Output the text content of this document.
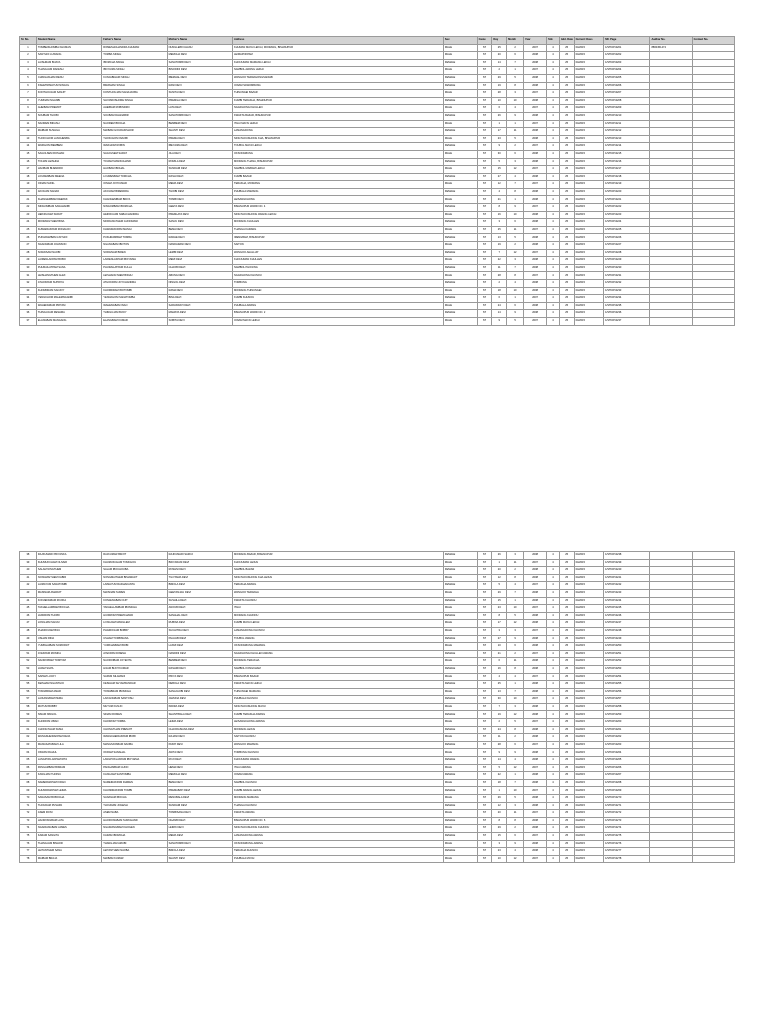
Sl. No.	Student Name	Father's Name	Mother's Name	Address	Sex	Caste	Day	Month	Year	Std.	Add. Date	Current Class	SR. Page	Aadhar No.	Contact No.
1	TOMBEIKHOMBA KHUMAN	ROMESHCHANDRA KHUMAN	NUNGLEIBI CHANU	KHUMAN MAYAI LEIKAI, MOIRANG, BISHNUPUR	MALE	ST	25	2	2007	4	25	04/2015	1/STD/P/4201	8860451474	
2	SANTHOI LUWANG	TOMBA SINGH	MEMCHA DEVI	LEIMAPOKPAM	MALE	ST	20	6	2008	4	25	04/2015	1/STD/P/4202		
3	LAISHRAM BIJAYA	IBOMCHA SINGH	SANATOMBI DEVI	KHOIJUMAN MAMANG LEIKAI	FEMALE	ST	14	7	2008	4	25	04/2015	1/STD/P/4203		
4	THANGJAM RAKESH	IBOYAIMA SINGH	BINODINI DEVI	NAMBOL AWANG LEIKAI	MALE	ST	2	1	2007	4	25	04/2015	1/STD/P/4204		
5	CHINGAKHAM RENU	KUNJABIHARI SINGH	IBEMHAL DEVI	WANGOO TERAKHONGSANGBI	FEMALE	ST	29	5	2008	4	25	04/2015	1/STD/P/4205		
6	KSHETRIMAYUM NINGOL	BIRAMANI SINGH	RANI DEVI	OINAM SAWOMBUNG	FEMALE	ST	19	8	2008	4	25	04/2015	1/STD/P/4206		
7	KONTHOUJAM SANJIT	KONTHOUJAM SANAJAOBA	SUNITA DEVI	THINUNGEI BAZAR	MALE	ST	28	3	2007	4	25	04/2015	1/STD/P/4207		
8	YUMNAM NGANBI	SHYAMKISHORE SINGH	PREMILA DEVI	KUMBI TERAKHA, BISHNUPUR	FEMALE	ST	10	10	2008	4	25	04/2015	1/STD/P/4208		
9	AHEIBAM PREMJIT	AHEIBAM ROBINDRO	LATA DEVI	NGAIKHONG KHULLEN	MALE	ST	6	4	2007	4	25	04/2015	1/STD/P/4209		
10	SOUBAM THOIBI	SOUBAM DHANABIR	SANATOMBI DEVI	KWAKTA BAZAR, BISHNUPUR	FEMALE	ST	26	9	2008	4	25	04/2015	1/STD/P/4210		
11	NAOREM BIKASH	NAOREM IBOCHA	BEMBEM DEVI	ITHAI MAYAI LEIKAI	MALE	ST	1	1	2007	4	25	04/2015	1/STD/P/4211		
12	MAIBAM SUSHILA	MAIBAM GOURAKISHOR	SHANTI DEVI	LAMANGDONG	FEMALE	ST	17	11	2008	4	25	04/2015	1/STD/P/4212		
13	THOKCHOM LANCHENBA	THOKCHOM INAOBI	PREMA DEVI	NINGTHOUKHONG KHA, BISHNUPUR	MALE	ST	23	5	2008	4	25	04/2015	1/STD/P/4213		
14	WAIKHOM BEMBEM	WAIKHOM ROBIN	IBEYAIMA DEVI	TOUBUL MAYAI LEIKAI	FEMALE	ST	9	2	2007	4	25	04/2015	1/STD/P/4214		
15	SAGOLSEM ROSHAN	SAGOLSEM SARAT	JILA DEVI	OKSONGBUNG	MALE	ST	30	6	2008	4	25	04/2015	1/STD/P/4215		
16	TOIJAM LEISHNA	TOIJAM MANIKCHAND	ROMILA DEVI	MOIRANG THANA, BISHNUPUR	FEMALE	ST	5	3	2008	4	25	04/2015	1/STD/P/4216		
17	HAOBAM BIJENDRO	HAOBAM IBOHAL	SUNDARI DEVI	NAMBOL MAIBAM LEIKAI	MALE	ST	15	12	2007	4	25	04/2015	1/STD/P/4217		
18	LOURENBAM MEENA	LOURENBAM TOMCHA	RASHI DEVI	KUMBI BAZAR	FEMALE	ST	27	4	2008	4	25	04/2015	1/STD/P/4218		
19	OINAM SUNIL	OINAM JOYKUMAR	MEMA DEVI	TERAKHA, MOIRANG	MALE	ST	12	7	2007	4	25	04/2015	1/STD/P/4219		
20	AKOIJAM NANAO	AKOIJAM BIRENDRA	THOIBI DEVI	PHUBALA MAMANG	FEMALE	ST	4	8	2008	4	25	04/2015	1/STD/P/4220		
21	KHANGEMBAM DEEPAK	KHANGEMBAM BIDYA	TOMBI DEVI	LEISANGKHONG	MALE	ST	21	1	2008	4	25	04/2015	1/STD/P/4221		
22	NINGOMBAM SANAHANBI	NINGOMBAM IBOMCHA	GEETA DEVI	BISHNUPUR WARD NO. 4	FEMALE	ST	8	9	2007	4	25	04/2015	1/STD/P/4222		
23	HEIKRUJAM SURJIT	HEIKRUJAM NABACHANDRA	PREMLATA DEVI	NINGTHOUKHONG AWANG LEIKAI	MALE	ST	16	10	2008	4	25	04/2015	1/STD/P/4223		
24	MOIRANGTHEM BINA	MOIRANGTHEM GUNOMANI	SANJU DEVI	MOIRANG KHULLEN	FEMALE	ST	3	6	2008	4	25	04/2015	1/STD/P/4224		
25	KHWAIRAKPAM RONALDO	KHWAIRAKPAM MANGI	BEMA DEVI	THANGA KARANG	MALE	ST	25	11	2007	4	25	04/2015	1/STD/P/4225		
26	PUKHRAMBAM LINTHOI	PUKHRAMBAM TOMBA	RADHE DEVI	IRENGBAM, BISHNUPUR	FEMALE	ST	13	5	2008	4	25	04/2015	1/STD/P/4226		
27	NGANGBAM JOHNSON	NGANGBAM IBOTON	NANDARANI DEVI	SAITON	MALE	ST	19	2	2008	4	25	04/2015	1/STD/P/4227		
28	SORAISAM NAOBI	SORAISAM BIREN	LEMBI DEVI	WANGOO AHALLUP	FEMALE	ST	7	12	2007	4	25	04/2015	1/STD/P/4228		
29	LAIRENLAKPAM BOBO	LAIRENLAKPAM IBOYAIMA	MEMI DEVI	KHOIJUMAN KHULLEN	MALE	ST	22	3	2008	4	25	04/2015	1/STD/P/4229		
30	PHURAILATPAM SANA	PHURAILATPAM KULLA	CHAOBI DEVI	NAMBOL PHOIJING	FEMALE	ST	11	7	2008	4	25	04/2015	1/STD/P/4230		
31	LEISHANGTHEM ALEX	LEISHANGTHEM BIDHU	ABUNG DEVI	NGAIKHONG KHUNOU	MALE	ST	28	8	2007	4	25	04/2015	1/STD/P/4231		
32	ATHOKPAM SUPRIYA	ATHOKPAM JOYCHANDRA	NINGOL DEVI	TORBUNG	FEMALE	ST	2	4	2008	4	25	04/2015	1/STD/P/4232		
33	KHOMDRAM SANJOY	KHOMDRAM IBOTOMBI	RAMA DEVI	MOIRANG THINUNGEI	MALE	ST	18	10	2008	4	25	04/2015	1/STD/P/4233		
34	YENGKHOM MALEMNGANBI	YENGKHOM SANATOMBA	BINA DEVI	KUMBI KHUNOU	FEMALE	ST	6	1	2007	4	25	04/2015	1/STD/P/4234		
35	WAHENGBAM PRITAM	WAHENGBAM INAO	SARASWATI DEVI	PHUBALA AWANG	MALE	ST	24	6	2008	4	25	04/2015	1/STD/P/4235		
36	THINGUJAM RESHMA	THINGUJAM BIJOY	MAMATA DEVI	BISHNUPUR WARD NO. 2	FEMALE	ST	14	9	2008	4	25	04/2015	1/STD/P/4236		
37	ELANGBAM MANGANG	ELANGBAM KUMAR	SOBITA DEVI	OINAM MAYAI LEIKAI	MALE	ST	9	5	2007	4	25	04/2015	1/STD/P/4237		
38	RAJKUMARI PRIYANKA	RAJKUMAR BIRJIT	RAJKUMARI SAROJ	MOIRANG BAZAR, BISHNUPUR	FEMALE	ST	26	3	2008	4	25	04/2015	1/STD/P/4238		
39	KHUMUKCHAM OLIVER	KHUMUKCHAM TOMCHOU	BIDYARANI DEVI	KHOIJUMAN LEIKAI	MALE	ST	1	11	2007	4	25	04/2015	1/STD/P/4239		
40	SALAM NINGTHEM	SALAM IBOCHOUBA	ROSHNI DEVI	NAMBOL BAZAR	FEMALE	ST	20	2	2008	4	25	04/2015	1/STD/P/4240		
41	NONGMAITHEM KABIR	NONGMAITHEM BISHWAJIT	TILOTAMA DEVI	NINGTHOUKHONG KHA LEIKAI	MALE	ST	12	8	2008	4	25	04/2015	1/STD/P/4241		
42	LAIMAYUM SANATOMBI	LAIMAYUM RADHAKANTA	BIMOLA DEVI	TERAKHA AWANG	FEMALE	ST	5	4	2007	4	25	04/2015	1/STD/P/4242		
43	MAISNAM AMARJIT	MAISNAM SUREN	GEETANJALI DEVI	WANGOO TERAKHA	MALE	ST	29	7	2008	4	25	04/2015	1/STD/P/4243		
44	KONJENGBAM ROJIKA	KONJENGBAM OJIT	SUSHILA DEVI	KWAKTA KHUNOU	FEMALE	ST	15	1	2008	4	25	04/2015	1/STD/P/4244		
45	TAKHELLAMBAM BOICHA	TAKHELLAMBAM IBOMCHA	ANOUBI DEVI	ITHAI	MALE	ST	23	10	2007	4	25	04/2015	1/STD/P/4245		
46	HUIDROM THOIBI	HUIDROM PREMCHAND	SANAHAL DEVI	MOIRANG KHUNOU	FEMALE	ST	8	5	2008	4	25	04/2015	1/STD/P/4246		
47	LONGJAM SANJU	LONGJAM MANGLEM	RUBINA DEVI	KUMBI MAYAI LEIKAI	MALE	ST	17	12	2008	4	25	04/2015	1/STD/P/4247		
48	PHAIROIJAM BIJU	PHAIROIJAM BOBBY	SUCHITRA DEVI	LAMANGDONG KHUNOU	MALE	ST	3	3	2007	4	25	04/2015	1/STD/P/4248		
49	USHAM RINA	USHAM TOMBISANA	PHAJABI DEVI	TOUBUL AWANG	FEMALE	ST	27	9	2008	4	25	04/2015	1/STD/P/4249		
50	YUMKHAIBAM SOMORJIT	YUMKHAIBAM IBOBI	LAXMI DEVI	OKSONGBUNG MAMANG	MALE	ST	10	6	2008	4	25	04/2015	1/STD/P/4250		
51	AYEKPAM MONIKA	AYEKPAM DINESH	NANDINI DEVI	NGAIKHONG KHULLEN AWANG	FEMALE	ST	21	2	2007	4	25	04/2015	1/STD/P/4251		
52	NAOROIBAM TOMTOM	NAOROIBAM JOYENTA	BEMBEM DEVI	MOIRANG TERAKHA	MALE	ST	6	11	2008	4	25	04/2015	1/STD/P/4252		
53	HIJAM SILPA	HIJAM BIJOYKUMAR	RASHMI DEVI	NAMBOL KONGKHAM	FEMALE	ST	16	8	2008	4	25	04/2015	1/STD/P/4253		
54	SAPAM LUCKY	SAPAM NILAMANI	PRIYA DEVI	BISHNUPUR BAZAR	MALE	ST	4	4	2007	4	25	04/2015	1/STD/P/4254		
55	KEISHAM NGANTHOI	KEISHAM SHYAMSUNDAR	DEBOLA DEVI	KWAKTA MAYAI LEIKAI	FEMALE	ST	25	1	2008	4	25	04/2015	1/STD/P/4255		
56	TONGBRAM AMAR	TONGBRAM IBOMCHA	SANAJAOBI DEVI	THINUNGEI MAMANG	MALE	ST	13	7	2008	4	25	04/2015	1/STD/P/4256		
57	LAIKANGBAM PEMA	LAIKANGBAM SANTOSH	JAMUNA DEVI	PHUBALA KHUNOU	FEMALE	ST	30	10	2007	4	25	04/2015	1/STD/P/4257		
58	MUTUM BOBBY	MUTUM KUNJO	INDIRA DEVI	NINGTHOUKHONG MAYAI	MALE	ST	7	3	2008	4	25	04/2015	1/STD/P/4258		
59	SINAM NINGOL	SINAM ROMEN	SHANTIBALA DEVI	KUMBI TERAKHA AWANG	FEMALE	ST	19	12	2008	4	25	04/2015	1/STD/P/4259		
60	KHOIROM JIBAN	KHOIROM TOMBA	LEIMA DEVI	LEISANGKHONG AWANG	MALE	ST	2	5	2007	4	25	04/2015	1/STD/P/4260		
61	CHONGTHAM SUMA	CHONGTHAM PREMJIT	CHAORAISANA DEVI	MOIRANG LEIKAI	FEMALE	ST	24	8	2008	4	25	04/2015	1/STD/P/4261		
62	WANGKHEIRAKPAM DEVA	WANGKHEIRAKPAM IBOBI	RAJANI DEVI	SAITON KHUNOU	MALE	ST	11	2	2008	4	25	04/2015	1/STD/P/4262		
63	MANGSATABAM LILA	MANGSATABAM NAOBA	PAKPI DEVI	WANGOO MAMANG	FEMALE	ST	28	6	2007	4	25	04/2015	1/STD/P/4263		
64	OKRAM RAHUL	OKRAM SANAHAL	ANITA DEVI	TORBUNG KHUNOU	MALE	ST	9	9	2008	4	25	04/2015	1/STD/P/4264		
65	LANGPOKLAKPAM RITA	LANGPOKLAKPAM IBOYAIMA	ROJI DEVI	KHOIJUMAN AWANG	FEMALE	ST	14	4	2008	4	25	04/2015	1/STD/P/4265		
66	PANGAMBAM BIKRAM	PANGAMBAM GUNO	HEMA DEVI	ITHAI AWANG	MALE	ST	5	12	2007	4	25	04/2015	1/STD/P/4266		
67	KANGJAM THOINU	KANGJAM SANTOMBA	MEMCHA DEVI	OINAM AWANG	FEMALE	ST	22	1	2008	4	25	04/2015	1/STD/P/4267		
68	NAMEIRAKPAM KIRAN	NAMEIRAKPAM DHIREN	BEMA DEVI	NAMBOL KHUNOU	MALE	ST	18	7	2008	4	25	04/2015	1/STD/P/4268		
69	KHUNDRAKPAM LEIMA	KHUNDRAKPAM TOMBI	PREMABATI DEVI	KUMBI AWANG LEIKAI	FEMALE	ST	1	10	2007	4	25	04/2015	1/STD/P/4269		
70	SANASAM BOBOCHA	SANASAM IBOCHA	RENUBALA DEVI	MOIRANG MAMANG	MALE	ST	26	5	2008	4	25	04/2015	1/STD/P/4270		
71	THOUDAM PUSHPA	THOUDAM JOGESH	SUNDARI DEVI	THANGA KHUNOU	FEMALE	ST	12	3	2008	4	25	04/2015	1/STD/P/4271		
72	ASEM RONI	ASEM NABA	TOMBISANA DEVI	KWAKTA AWANG	MALE	ST	20	11	2007	4	25	04/2015	1/STD/P/4272		
73	HAORONGBAM LATA	HAORONGBAM SURCHAND	NGANBI DEVI	BISHNUPUR WARD NO. 6	FEMALE	ST	8	8	2008	4	25	04/2015	1/STD/P/4273		
74	NGAIRANGBAM JAMES	NGAIRANGBAM KHOGEN	LEIRIK DEVI	NINGTHOUKHONG KHUNOU	MALE	ST	29	2	2008	4	25	04/2015	1/STD/P/4274		
75	KARAM SANGITA	KARAM IBOMCHA	MEMA DEVI	LAMANGDONG AWANG	FEMALE	ST	15	6	2007	4	25	04/2015	1/STD/P/4275		
76	THANGJAM BISHOR	THANGJAM AMUBI	SANATOMBI DEVI	OKSONGBUNG AWANG	MALE	ST	3	9	2008	4	25	04/2015	1/STD/P/4276		
77	LEITANTHEM SANA	LEITANTHEM NAOBA	BIMOLA DEVI	TERAKHA KHUNOU	FEMALE	ST	23	4	2008	4	25	04/2015	1/STD/P/4277		
78	MAIBAM BRAJA	MAIBAM KUMAR	SHANTI DEVI	PHUBALA MAYAI	MALE	ST	10	12	2007	4	25	04/2015	1/STD/P/4278		
